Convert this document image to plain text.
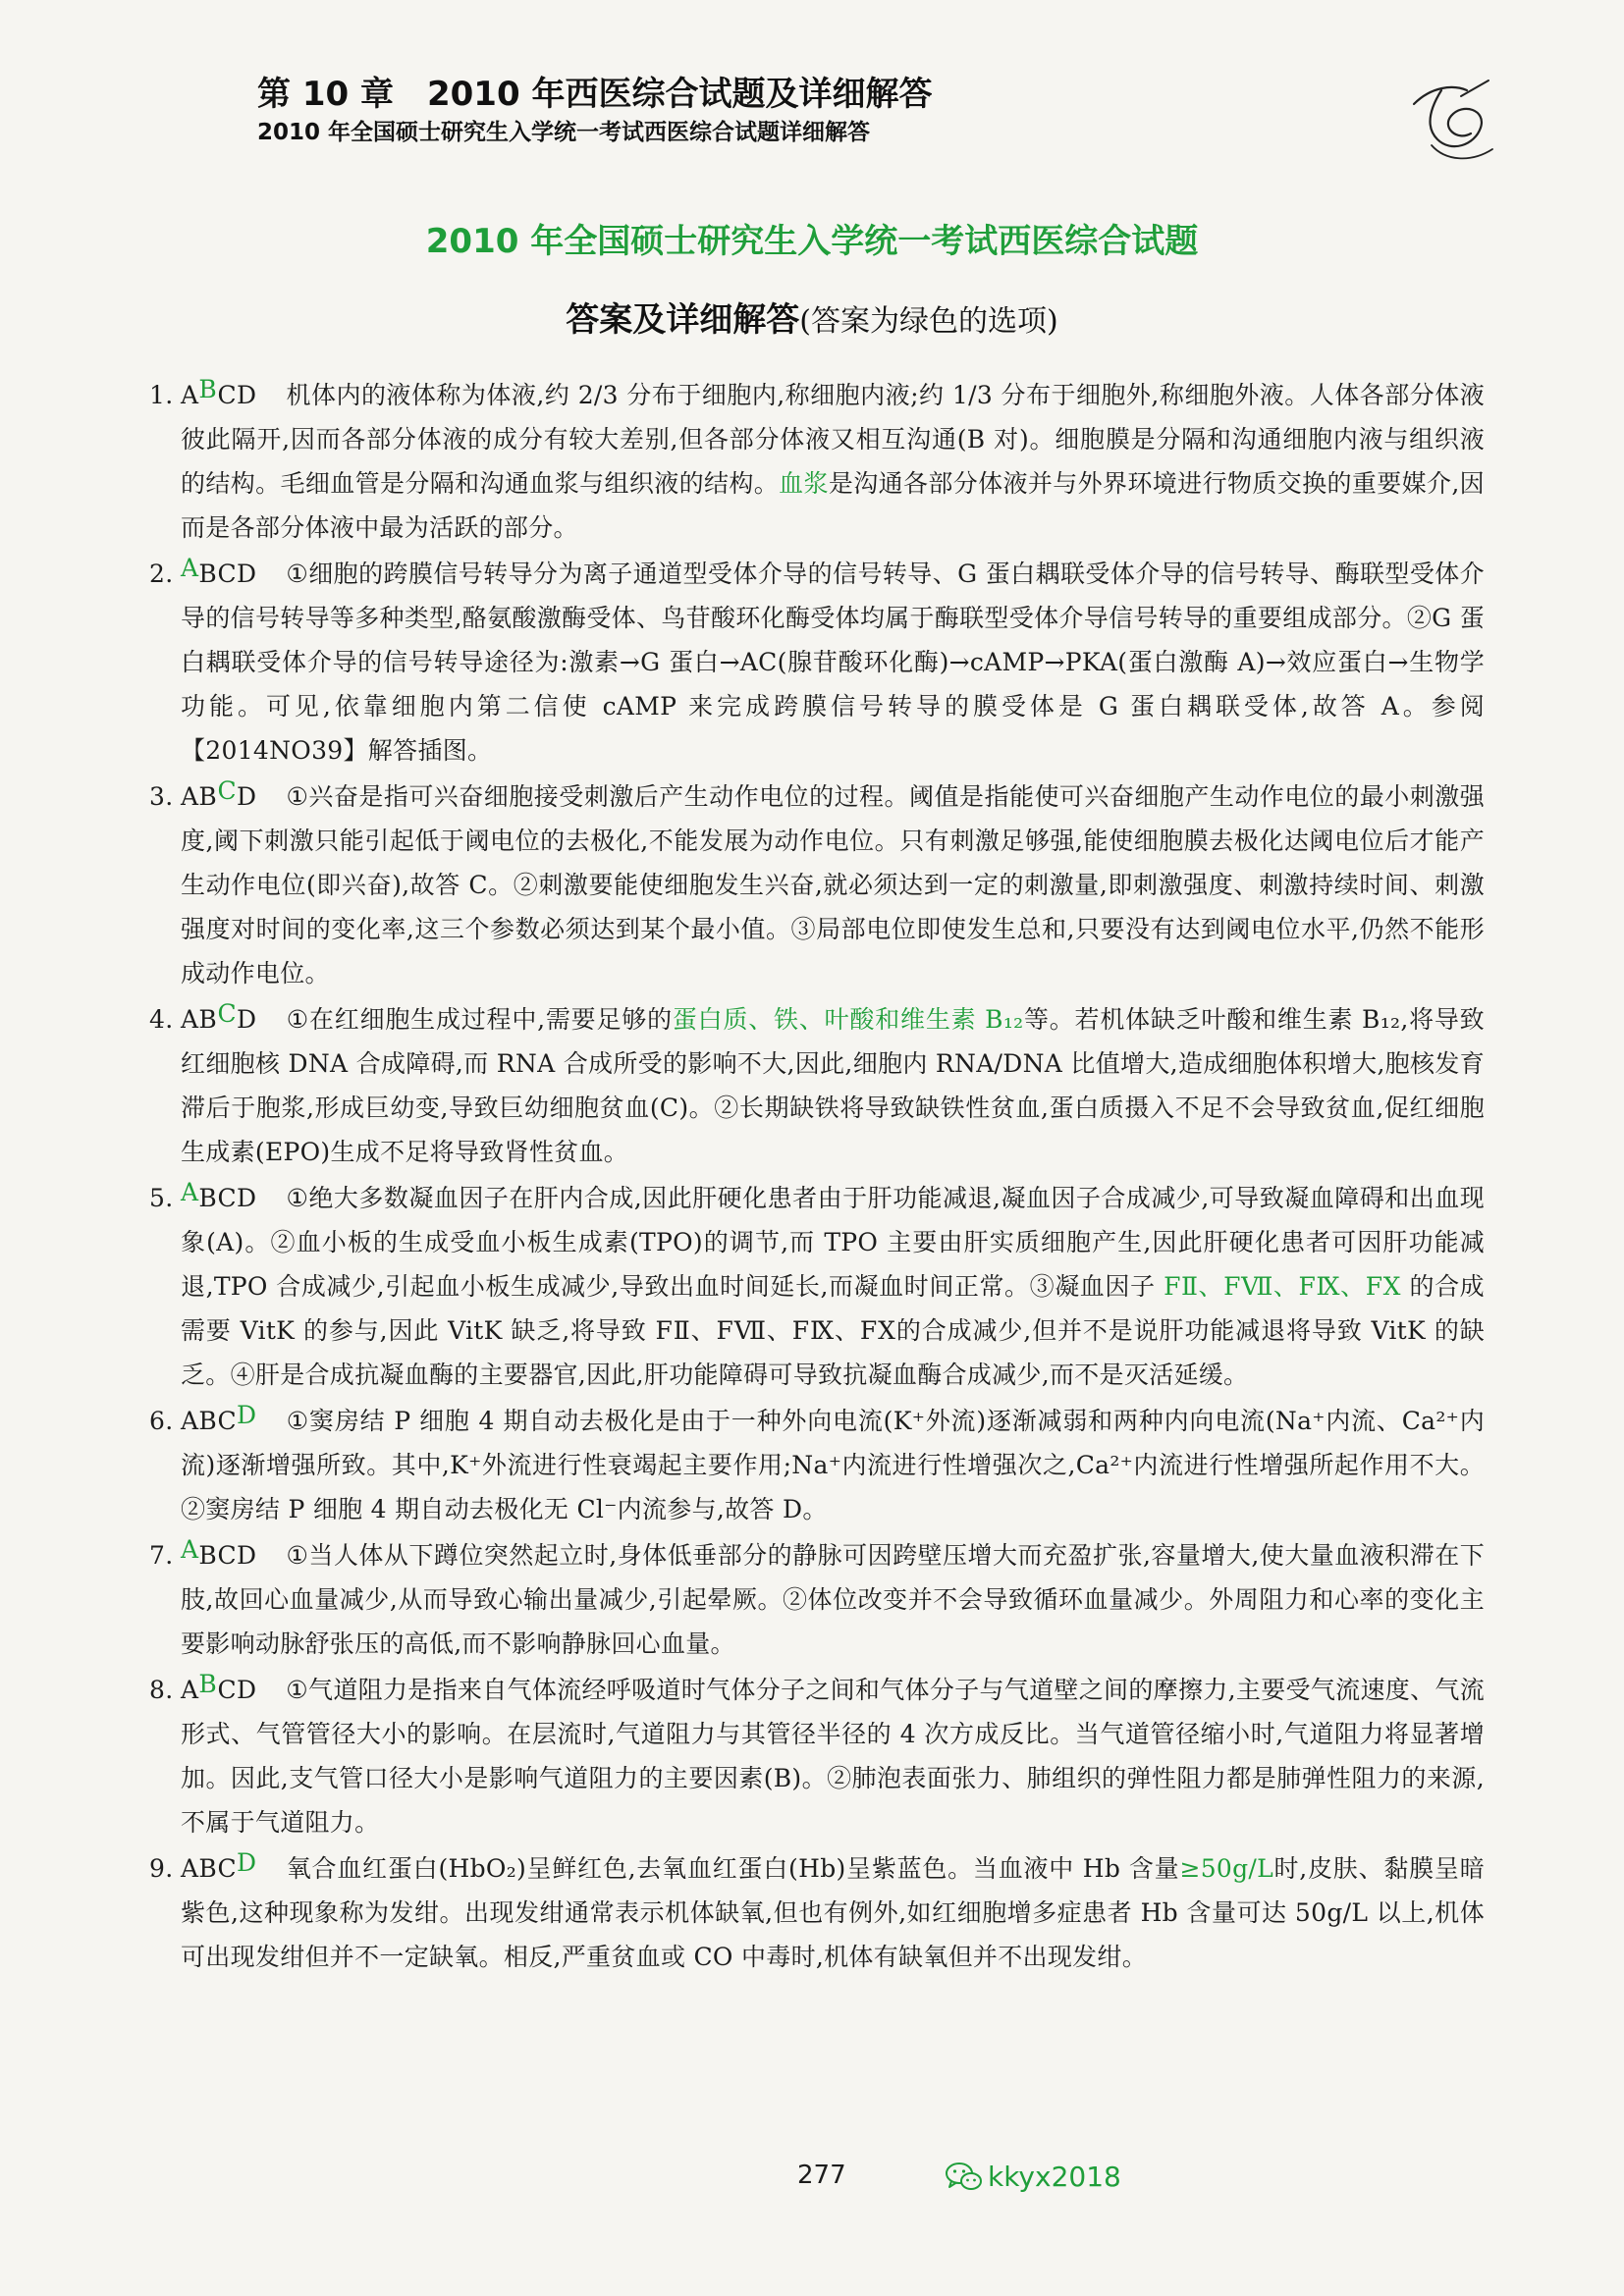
第 10 章　2010 年西医综合试题及详细解答
2010 年全国硕士研究生入学统一考试西医综合试题详细解答
2010 年全国硕士研究生入学统一考试西医综合试题
答案及详细解答(答案为绿色的选项)
1. ABCD 机体内的液体称为体液,约 2/3 分布于细胞内,称细胞内液;约 1/3 分布于细胞外,称细胞外液。人体各部分体液彼此隔开,因而各部分体液的成分有较大差别,但各部分体液又相互沟通(B 对)。细胞膜是分隔和沟通细胞内液与组织液的结构。毛细血管是分隔和沟通血浆与组织液的结构。血浆是沟通各部分体液并与外界环境进行物质交换的重要媒介,因而是各部分体液中最为活跃的部分。
2. ABCD ①细胞的跨膜信号转导分为离子通道型受体介导的信号转导、G 蛋白耦联受体介导的信号转导、酶联型受体介导的信号转导等多种类型,酪氨酸激酶受体、鸟苷酸环化酶受体均属于酶联型受体介导信号转导的重要组成部分。②G 蛋白耦联受体介导的信号转导途径为:激素→G 蛋白→AC(腺苷酸环化酶)→cAMP→PKA(蛋白激酶 A)→效应蛋白→生物学功能。可见,依靠细胞内第二信使 cAMP 来完成跨膜信号转导的膜受体是 G 蛋白耦联受体,故答 A。参阅【2014NO39】解答插图。
3. ABCD ①兴奋是指可兴奋细胞接受刺激后产生动作电位的过程。阈值是指能使可兴奋细胞产生动作电位的最小刺激强度,阈下刺激只能引起低于阈电位的去极化,不能发展为动作电位。只有刺激足够强,能使细胞膜去极化达阈电位后才能产生动作电位(即兴奋),故答 C。②刺激要能使细胞发生兴奋,就必须达到一定的刺激量,即刺激强度、刺激持续时间、刺激强度对时间的变化率,这三个参数必须达到某个最小值。③局部电位即使发生总和,只要没有达到阈电位水平,仍然不能形成动作电位。
4. ABCD ①在红细胞生成过程中,需要足够的蛋白质、铁、叶酸和维生素 B₁₂等。若机体缺乏叶酸和维生素 B₁₂,将导致红细胞核 DNA 合成障碍,而 RNA 合成所受的影响不大,因此,细胞内 RNA/DNA 比值增大,造成细胞体积增大,胞核发育滞后于胞浆,形成巨幼变,导致巨幼细胞贫血(C)。②长期缺铁将导致缺铁性贫血,蛋白质摄入不足不会导致贫血,促红细胞生成素(EPO)生成不足将导致肾性贫血。
5. ABCD ①绝大多数凝血因子在肝内合成,因此肝硬化患者由于肝功能减退,凝血因子合成减少,可导致凝血障碍和出血现象(A)。②血小板的生成受血小板生成素(TPO)的调节,而 TPO 主要由肝实质细胞产生,因此肝硬化患者可因肝功能减退,TPO 合成减少,引起血小板生成减少,导致出血时间延长,而凝血时间正常。③凝血因子 FⅡ、FⅦ、FⅨ、FⅩ 的合成需要 VitK 的参与,因此 VitK 缺乏,将导致 FⅡ、FⅦ、FⅨ、FⅩ的合成减少,但并不是说肝功能减退将导致 VitK 的缺乏。④肝是合成抗凝血酶的主要器官,因此,肝功能障碍可导致抗凝血酶合成减少,而不是灭活延缓。
6. ABCD ①窦房结 P 细胞 4 期自动去极化是由于一种外向电流(K⁺外流)逐渐减弱和两种内向电流(Na⁺内流、Ca²⁺内流)逐渐增强所致。其中,K⁺外流进行性衰竭起主要作用;Na⁺内流进行性增强次之,Ca²⁺内流进行性增强所起作用不大。②窦房结 P 细胞 4 期自动去极化无 Cl⁻内流参与,故答 D。
7. ABCD ①当人体从下蹲位突然起立时,身体低垂部分的静脉可因跨壁压增大而充盈扩张,容量增大,使大量血液积滞在下肢,故回心血量减少,从而导致心输出量减少,引起晕厥。②体位改变并不会导致循环血量减少。外周阻力和心率的变化主要影响动脉舒张压的高低,而不影响静脉回心血量。
8. ABCD ①气道阻力是指来自气体流经呼吸道时气体分子之间和气体分子与气道壁之间的摩擦力,主要受气流速度、气流形式、气管管径大小的影响。在层流时,气道阻力与其管径半径的 4 次方成反比。当气道管径缩小时,气道阻力将显著增加。因此,支气管口径大小是影响气道阻力的主要因素(B)。②肺泡表面张力、肺组织的弹性阻力都是肺弹性阻力的来源,不属于气道阻力。
9. ABCD 氧合血红蛋白(HbO₂)呈鲜红色,去氧血红蛋白(Hb)呈紫蓝色。当血液中 Hb 含量≥50g/L时,皮肤、黏膜呈暗紫色,这种现象称为发绀。出现发绀通常表示机体缺氧,但也有例外,如红细胞增多症患者 Hb 含量可达 50g/L 以上,机体可出现发绀但并不一定缺氧。相反,严重贫血或 CO 中毒时,机体有缺氧但并不出现发绀。
277	kkyx2018
